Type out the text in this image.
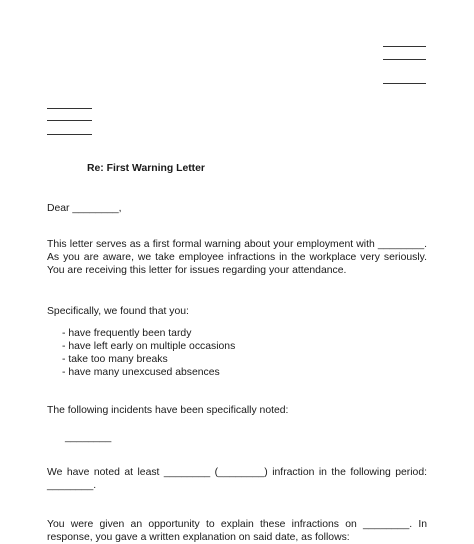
Re: First Warning Letter
Dear ________,
This letter serves as a first formal warning about your employment with ________. As you are aware, we take employee infractions in the workplace very seriously. You are receiving this letter for issues regarding your attendance.
Specifically, we found that you:
- have frequently been tardy
- have left early on multiple occasions
- take too many breaks
- have many unexcused absences
The following incidents have been specifically noted:
________
We have noted at least ________ (________) infraction in the following period: ________.
You were given an opportunity to explain these infractions on ________. In response, you gave a written explanation on said date, as follows:
